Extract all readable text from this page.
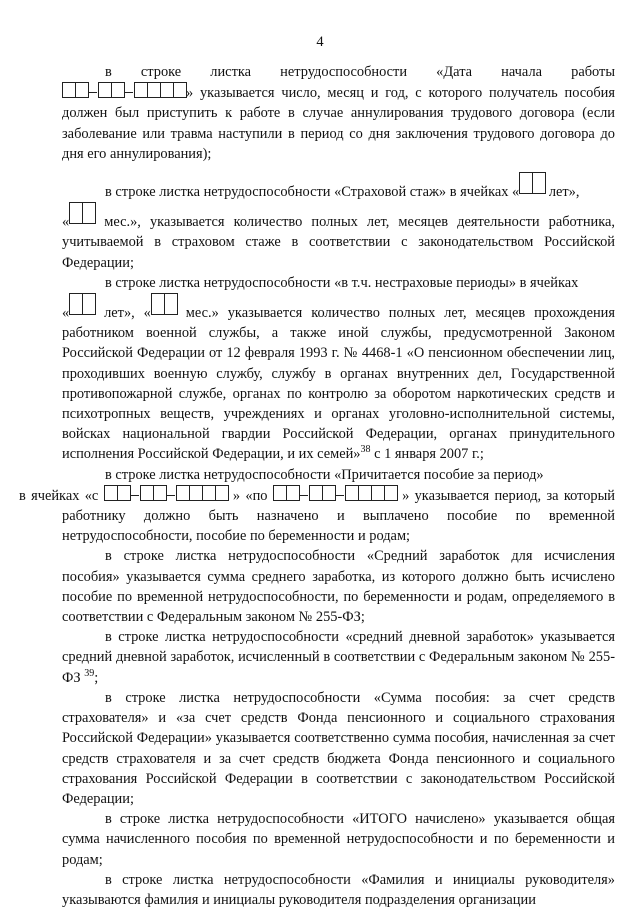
4

в строке листка нетрудоспособности «Дата начала работы

» указывается число, месяц и год, с которого получатель пособия должен был приступить к работе в случае аннулирования трудового договора (если заболевание или травма наступили в период со дня заключения трудового договора до дня его аннулирования);

в строке листка нетрудоспособности «Страховой стаж» в ячейках « лет»,
« мес.», указывается количество полных лет, месяцев деятельности работника, учитываемой в страховом стаже в соответствии с законодательством Российской Федерации;

в строке листка нетрудоспособности «в т.ч. нестраховые периоды» в ячейках
« лет», « мес.» указывается количество полных лет, месяцев прохождения работником военной службы, а также иной службы, предусмотренной Законом Российской Федерации от 12 февраля 1993 г. № 4468-1 «О пенсионном обеспечении лиц, проходивших военную службу, службу в органах внутренних дел, Государственной противопожарной службе, органах по контролю за оборотом наркотических средств и психотропных веществ, учреждениях и органах уголовно-исполнительной системы, войсках национальной гвардии Российской Федерации, органах принудительного исполнения Российской Федерации, и их семей»$^{38}$ с 1 января 2007 г.;

в строке листка нетрудоспособности «Причитается пособие за период»
в ячейках «с	» «по	» указывается период, за который работнику должно быть назначено и выплачено пособие по временной нетрудоспособности, пособие по беременности и родам;

в строке листка нетрудоспособности «Средний заработок для исчисления пособия» указывается сумма среднего заработка, из которого должно быть исчислено пособие по временной нетрудоспособности, по беременности и родам, определяемого в соответствии с Федеральным законом № 255-ФЗ;

в строке листка нетрудоспособности «средний дневной заработок» указывается средний дневной заработок, исчисленный в соответствии с Федеральным законом № 255-ФЗ $^{39}$;

в строке листка нетрудоспособности «Сумма пособия: за счет средств страхователя» и «за счет средств Фонда пенсионного и социального страхования Российской Федерации» указывается соответственно сумма пособия, начисленная за счет средств страхователя и за счет средств бюджета Фонда пенсионного и социального страхования Российской Федерации в соответствии с законодательством Российской Федерации;

в строке листка нетрудоспособности «ИТОГО начислено» указывается общая сумма начисленного пособия по временной нетрудоспособности и по беременности и родам;

в строке листка нетрудоспособности «Фамилия и инициалы руководителя» указываются фамилия и инициалы руководителя подразделения организации
